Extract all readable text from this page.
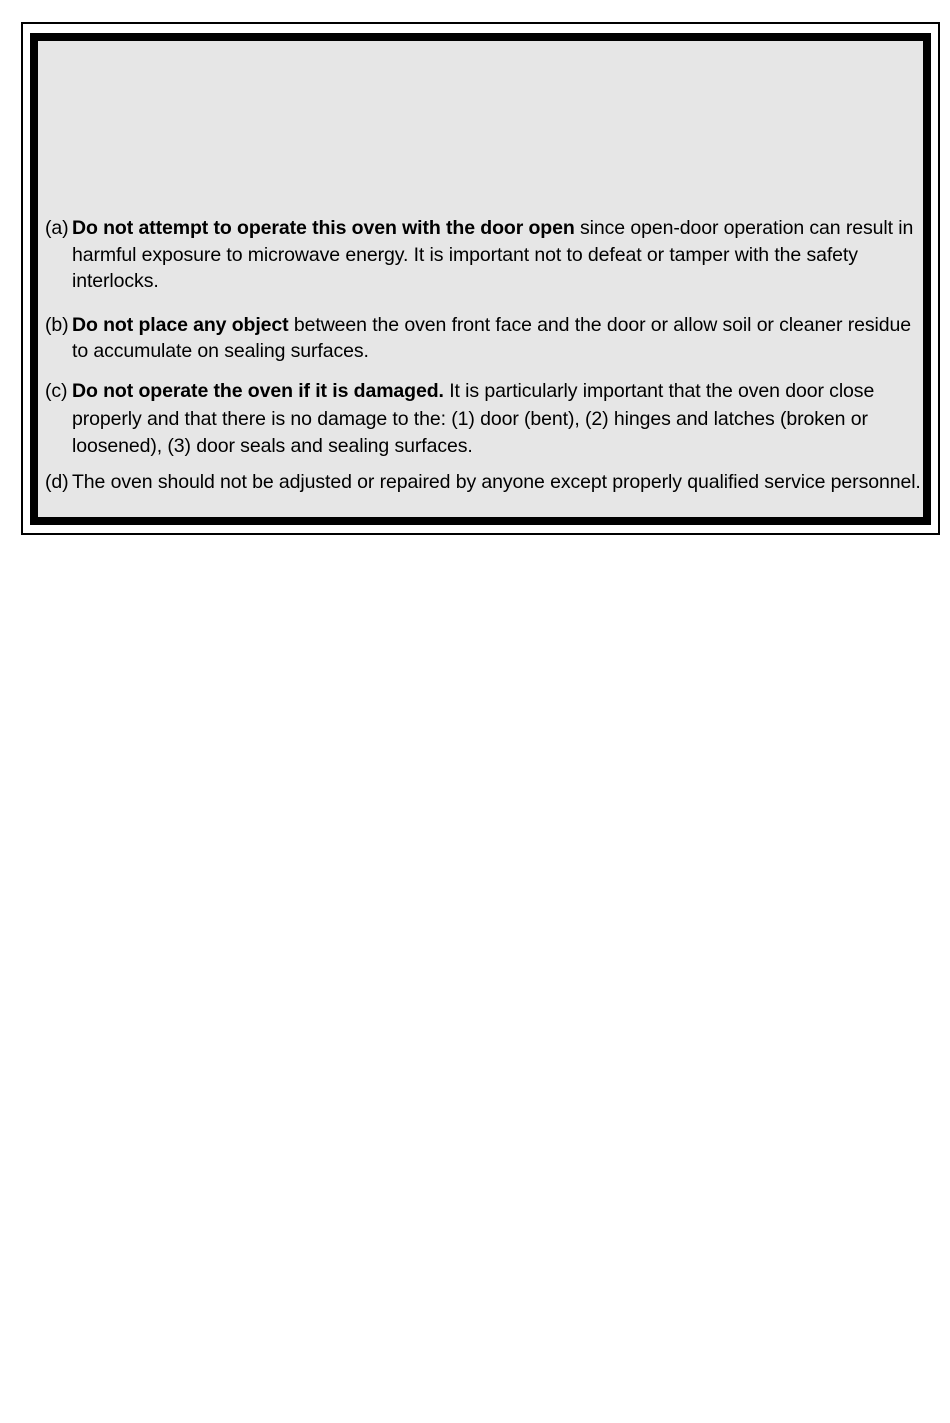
(a) Do not attempt to operate this oven with the door open since open-door operation can result in harmful exposure to microwave energy. It is important not to defeat or tamper with the safety interlocks.
(b) Do not place any object between the oven front face and the door or allow soil or cleaner residue to accumulate on sealing surfaces.
(c) Do not operate the oven if it is damaged. It is particularly important that the oven door close properly and that there is no damage to the: (1) door (bent), (2) hinges and latches (broken or loosened), (3) door seals and sealing surfaces.
(d) The oven should not be adjusted or repaired by anyone except properly qualified service personnel.
